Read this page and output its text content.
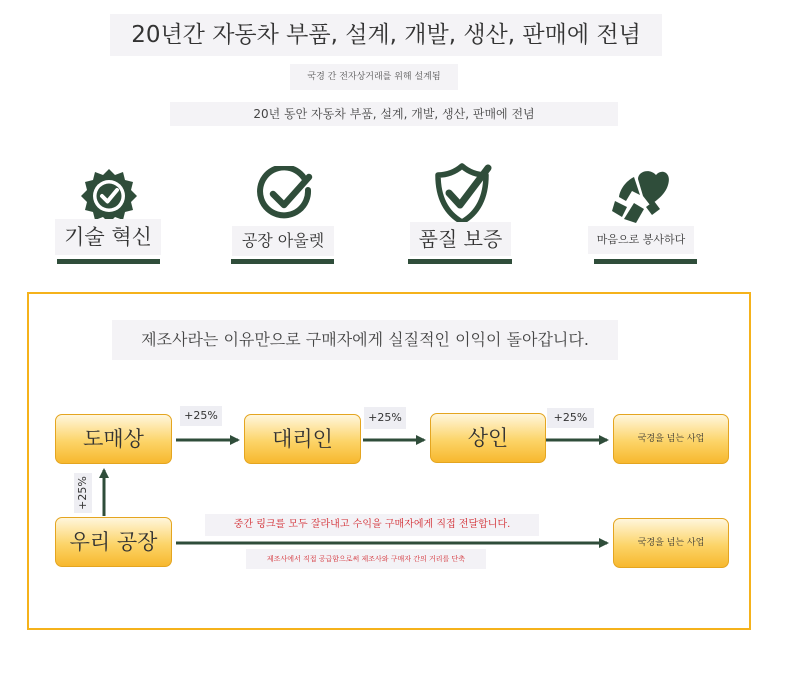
20년간 자동차 부품, 설계, 개발, 생산, 판매에 전념
국경 간 전자상거래를 위해 설계됨
20년 동안 자동차 부품, 설계, 개발, 생산, 판매에 전념
기술 혁신	공장 아울렛	품질 보증	마음으로 봉사하다
제조사라는 이유만으로 구매자에게 실질적인 이익이 돌아갑니다.
도매상	대리인	상인	국경을 넘는 사업
우리 공장	국경을 넘는 사업
+25%	+25%	+25%
+25%
중간 링크를 모두 잘라내고 수익을 구매자에게 직접 전달합니다.
제조사에서 직접 공급함으로써 제조사와 구매자 간의 거리를 단축
